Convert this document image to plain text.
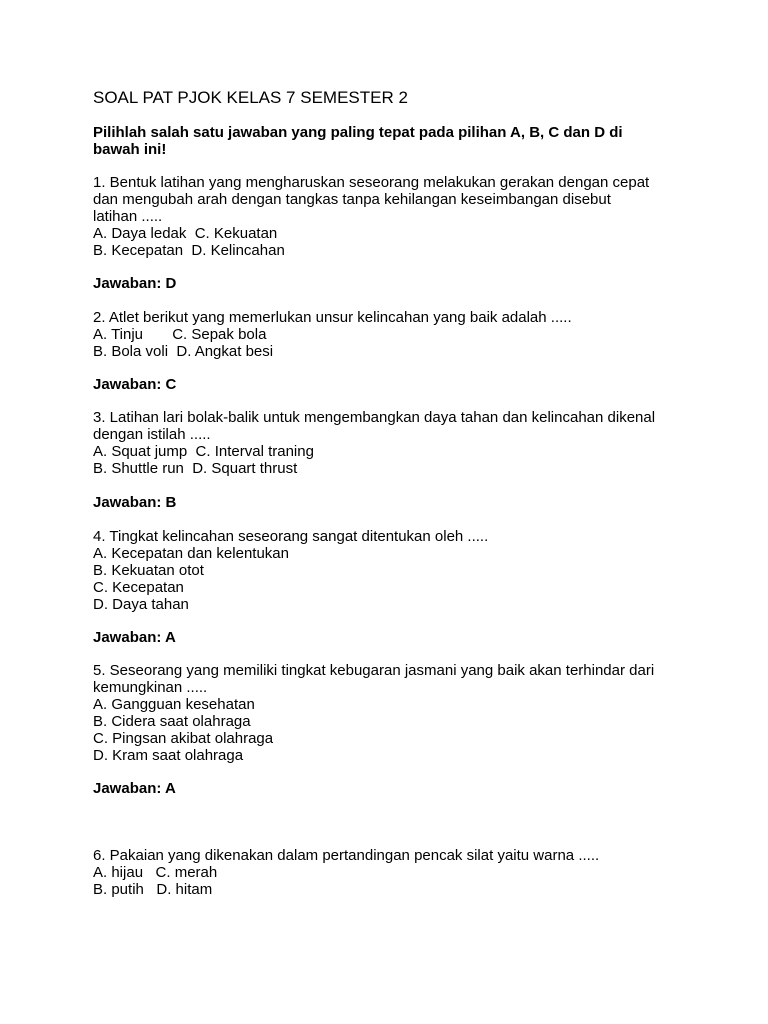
SOAL PAT PJOK KELAS 7 SEMESTER 2
Pilihlah salah satu jawaban yang paling tepat pada pilihan A, B, C dan D di bawah ini!
1. Bentuk latihan yang mengharuskan seseorang melakukan gerakan dengan cepat
dan mengubah arah dengan tangkas tanpa kehilangan keseimbangan disebut
latihan .....
A. Daya ledak  C. Kekuatan
B. Kecepatan  D. Kelincahan
Jawaban: D
2. Atlet berikut yang memerlukan unsur kelincahan yang baik adalah .....
A. Tinju       C. Sepak bola
B. Bola voli  D. Angkat besi
Jawaban: C
3. Latihan lari bolak-balik untuk mengembangkan daya tahan dan kelincahan dikenal
dengan istilah .....
A. Squat jump  C. Interval traning
B. Shuttle run  D. Squart thrust
Jawaban: B
4. Tingkat kelincahan seseorang sangat ditentukan oleh .....
A. Kecepatan dan kelentukan
B. Kekuatan otot
C. Kecepatan
D. Daya tahan
Jawaban: A
5. Seseorang yang memiliki tingkat kebugaran jasmani yang baik akan terhindar dari
kemungkinan .....
A. Gangguan kesehatan
B. Cidera saat olahraga
C. Pingsan akibat olahraga
D. Kram saat olahraga
Jawaban: A
6. Pakaian yang dikenakan dalam pertandingan pencak silat yaitu warna .....
A. hijau   C. merah
B. putih   D. hitam
